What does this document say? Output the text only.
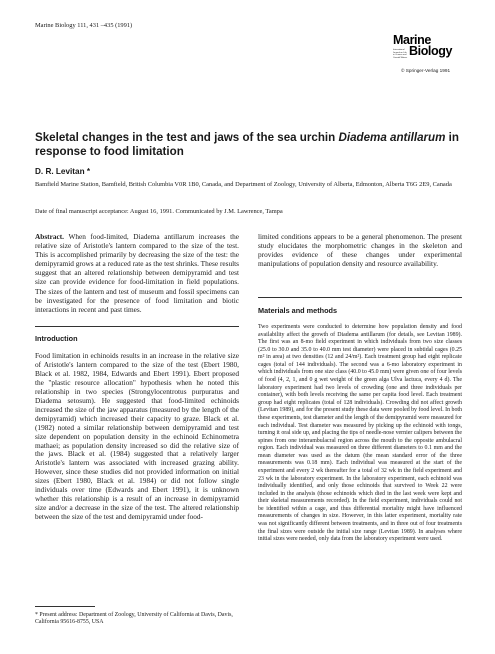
Marine Biology 111, 431 –435 (1991)
Marine
International Journal on Life in Oceans and Coastal Waters Biology
© Springer-Verlag 1991
Skeletal changes in the test and jaws of the sea urchin Diadema antillarum in response to food limitation
D. R. Levitan *
Bamfield Marine Station, Bamfield, British Columbia V0R 1B0, Canada, and Department of Zoology, University of Alberta, Edmonton, Alberta T6G 2E9, Canada
Date of final manuscript acceptance: August 16, 1991. Communicated by J.M. Lawrence, Tampa

Abstract. When food-limited, Diadema antillarum increases the relative size of Aristotle's lantern compared to the size of the test. This is accomplished primarily by decreasing the size of the test: the demipyramid grows at a reduced rate as the test shrinks. These results suggest that an altered relationship between demipyramid and test size can provide evidence for food-limitation in field populations. The sizes of the lantern and test of museum and fossil specimens can be investigated for the presence of food limitation and biotic interactions in recent and past times.

limited conditions appears to be a general phenomenon. The present study elucidates the morphometric changes in the skeleton and provides evidence of these changes under experimental manipulations of population density and resource availability.

Introduction

Food limitation in echinoids results in an increase in the relative size of Aristotle's lantern compared to the size of the test (Ebert 1980, Black et al. 1982, 1984, Edwards and Ebert 1991). Ebert proposed the "plastic resource allocation" hypothesis when he noted this relationship in two species (Strongylocentrotus purpuratus and Diadema setosum). He suggested that food-limited echinoids increased the size of the jaw apparatus (measured by the length of the demipyramid) which increased their capacity to graze. Black et al. (1982) noted a similar relationship between demipyramid and test size dependent on population density in the echinoid Echinometra mathaei; as population density increased so did the relative size of the jaws. Black et al. (1984) suggested that a relatively larger Aristotle's lantern was associated with increased grazing ability. However, since these studies did not provided information on initial sizes (Ebert 1980, Black et al. 1984) or did not follow single individuals over time (Edwards and Ebert 1991), it is unknown whether this relationship is a result of an increase in demipyramid size and/or a decrease in the size of the test. The altered relationship between the size of the test and demipyramid under food-

Materials and methods

Two experiments were conducted to determine how population density and food availability affect the growth of Diadema antillarum (for details, see Levitan 1989). The first was an 8-mo field experiment in which individuals from two size classes (25.0 to 30.0 and 35.0 to 40.0 mm test diameter) were placed in subtidal cages (0.25 m² in area) at two densities (12 and 24/m²). Each treatment group had eight replicate cages (total of 144 individuals). The second was a 6-mo laboratory experiment in which individuals from one size class (40.0 to 45.0 mm) were given one of four levels of food (4, 2, 1, and 0 g wet weight of the green alga Ulva lactuca, every 4 d). The laboratory experiment had two levels of crowding (one and three individuals per container), with both levels receiving the same per capita food level. Each treatment group had eight replicates (total of 128 individuals). Crowding did not affect growth (Levitan 1989), and for the present study these data were pooled by food level. In both these experiments, test diameter and the length of the demipyramid were measured for each individual. Test diameter was measured by picking up the echinoid with tongs, turning it oral side up, and placing the tips of needle-nose vernier calipers between the spines from one interambulacral region across the mouth to the opposite ambulacral region. Each individual was measured on three different diameters to 0.1 mm and the mean diameter was used as the datum (the mean standard error of the three measurements was 0.18 mm). Each individual was measured at the start of the experiment and every 2 wk thereafter for a total of 32 wk in the field experiment and 23 wk in the laboratory experiment. In the laboratory experiment, each echinoid was individually identified, and only those echinoids that survived to Week 22 were included in the analysis (those echinoids which died in the last week were kept and their skeletal measurements recorded). In the field experiment, individuals could not be identified within a cage, and thus differential mortality might have influenced measurements of changes in size. However, in this latter experiment, mortality rate was not significantly different between treatments, and in three out of four treatments the final sizes were outside the initial size range (Levitan 1989). In analyses where initial sizes were needed, only data from the laboratory experiment were used.

* Present address: Department of Zoology, University of California at Davis, Davis, California 95616-8755, USA
